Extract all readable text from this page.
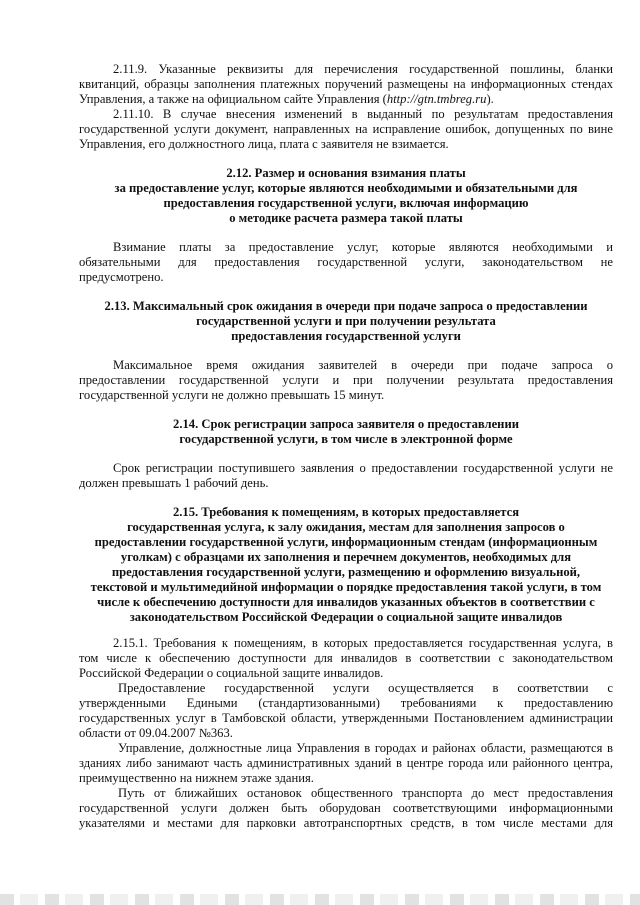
2.11.9. Указанные реквизиты для перечисления государственной пошлины, бланки
квитанций, образцы заполнения платежных поручений размещены на информационных стендах
Управления, а также на официальном сайте Управления (http://gtn.tmbreg.ru).
2.11.10. В случае внесения изменений в выданный по результатам предоставления
государственной услуги документ, направленных на исправление ошибок, допущенных по вине
Управления, его должностного лица, плата с заявителя не взимается.
2.12. Размер и основания взимания платы
за предоставление услуг, которые являются необходимыми и обязательными для
предоставления государственной услуги, включая информацию
о методике расчета размера такой платы
Взимание платы за предоставление услуг, которые являются необходимыми и
обязательными для предоставления государственной услуги, законодательством не
предусмотрено.
2.13. Максимальный срок ожидания в очереди при подаче запроса о предоставлении
государственной услуги и при получении результата
предоставления государственной услуги
Максимальное время ожидания заявителей в очереди при подаче запроса о
предоставлении государственной услуги и при получении результата предоставления
государственной услуги не должно превышать 15 минут.
2.14. Срок регистрации запроса заявителя о предоставлении
государственной услуги, в том числе в электронной форме
Срок регистрации поступившего заявления о предоставлении государственной услуги не
должен превышать 1 рабочий день.
2.15. Требования к помещениям, в которых предоставляется
государственная услуга, к залу ожидания, местам для заполнения запросов о
предоставлении государственной услуги, информационным стендам (информационным
уголкам) с образцами их заполнения и перечнем документов, необходимых для
предоставления государственной услуги, размещению и оформлению визуальной,
текстовой и мультимедийной информации о порядке предоставления такой услуги, в том
числе к обеспечению доступности для инвалидов указанных объектов в соответствии с
законодательством Российской Федерации о социальной защите инвалидов
2.15.1. Требования к помещениям, в которых предоставляется государственная услуга, в
том числе к обеспечению доступности для инвалидов в соответствии с законодательством
Российской Федерации о социальной защите инвалидов.
Предоставление государственной услуги осуществляется в соответствии с
утвержденными Едиными (стандартизованными) требованиями к предоставлению
государственных услуг в Тамбовской области, утвержденными Постановлением администрации
области от 09.04.2007 №363.
Управление, должностные лица Управления в городах и районах области, размещаются в
зданиях либо занимают часть административных зданий в центре города или районного центра,
преимущественно на нижнем этаже здания.
Путь от ближайших остановок общественного транспорта до мест предоставления
государственной услуги должен быть оборудован соответствующими информационными
указателями и местами для парковки автотранспортных средств, в том числе местами для
